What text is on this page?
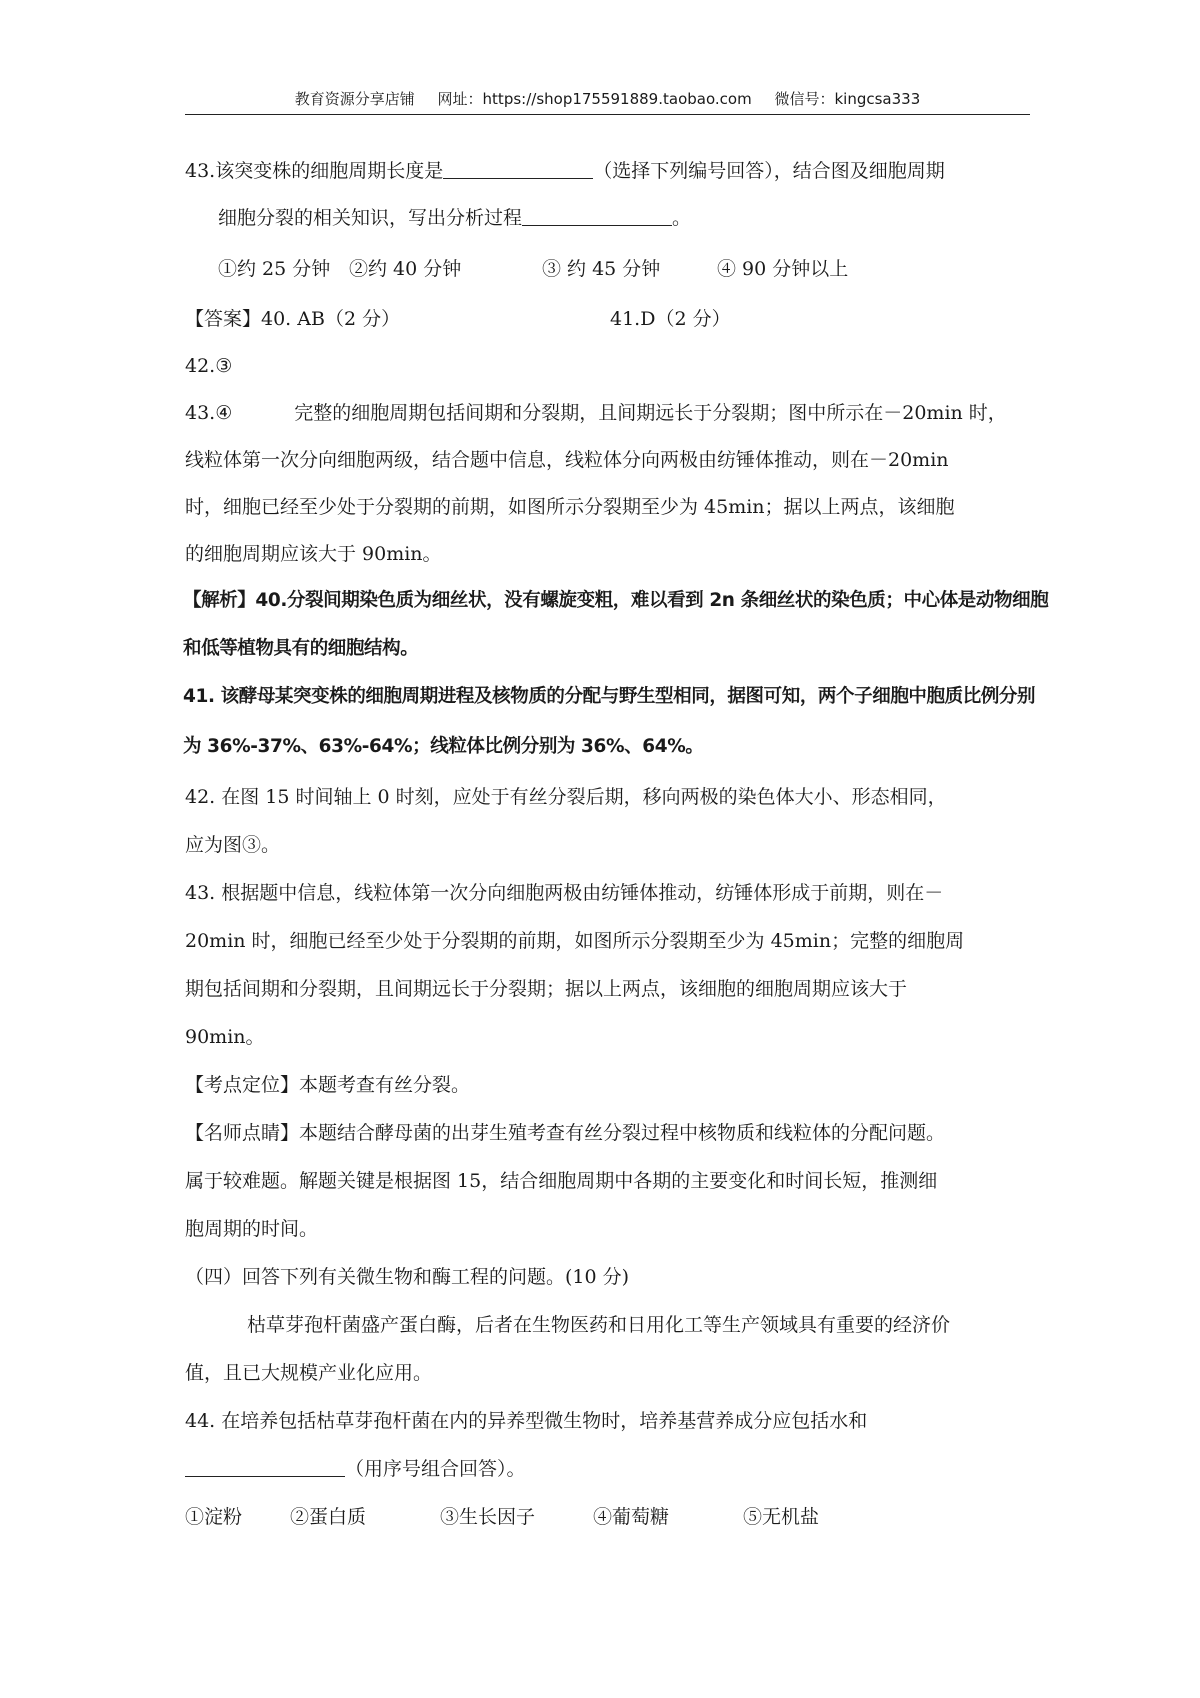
教育资源分享店铺 网址：https://shop175591889.taobao.com 微信号：kingcsa333
43.该突变株的细胞周期长度是	（选择下列编号回答），结合图及细胞周期
细胞分裂的相关知识，写出分析过程	。
①约 25 分钟 ②约 40 分钟	③ 约 45 分钟	④ 90 分钟以上
【答案】40. AB（2 分）	41.D（2 分）
42.③
43.④	完整的细胞周期包括间期和分裂期，且间期远长于分裂期；图中所示在－20min 时，
线粒体第一次分向细胞两级，结合题中信息，线粒体分向两极由纺锤体推动，则在－20min
时，细胞已经至少处于分裂期的前期，如图所示分裂期至少为 45min；据以上两点，该细胞
的细胞周期应该大于 90min。
【解析】40.分裂间期染色质为细丝状，没有螺旋变粗，难以看到 2n 条细丝状的染色质；中心体是动物细胞
和低等植物具有的细胞结构。
41. 该酵母某突变株的细胞周期进程及核物质的分配与野生型相同，据图可知，两个子细胞中胞质比例分别
为 36%-37%、63%-64%；线粒体比例分别为 36%、64%。
42. 在图 15 时间轴上 0 时刻，应处于有丝分裂后期，移向两极的染色体大小、形态相同，
应为图③。
43. 根据题中信息，线粒体第一次分向细胞两极由纺锤体推动，纺锤体形成于前期，则在－
20min 时，细胞已经至少处于分裂期的前期，如图所示分裂期至少为 45min；完整的细胞周
期包括间期和分裂期，且间期远长于分裂期；据以上两点，该细胞的细胞周期应该大于
90min。
【考点定位】本题考查有丝分裂。
【名师点睛】本题结合酵母菌的出芽生殖考查有丝分裂过程中核物质和线粒体的分配问题。
属于较难题。解题关键是根据图 15，结合细胞周期中各期的主要变化和时间长短，推测细
胞周期的时间。
（四）回答下列有关微生物和酶工程的问题。(10 分)
枯草芽孢杆菌盛产蛋白酶，后者在生物医药和日用化工等生产领域具有重要的经济价
值，且已大规模产业化应用。
44. 在培养包括枯草芽孢杆菌在内的异养型微生物时，培养基营养成分应包括水和
（用序号组合回答）。
①淀粉	②蛋白质	③生长因子	④葡萄糖	⑤无机盐
